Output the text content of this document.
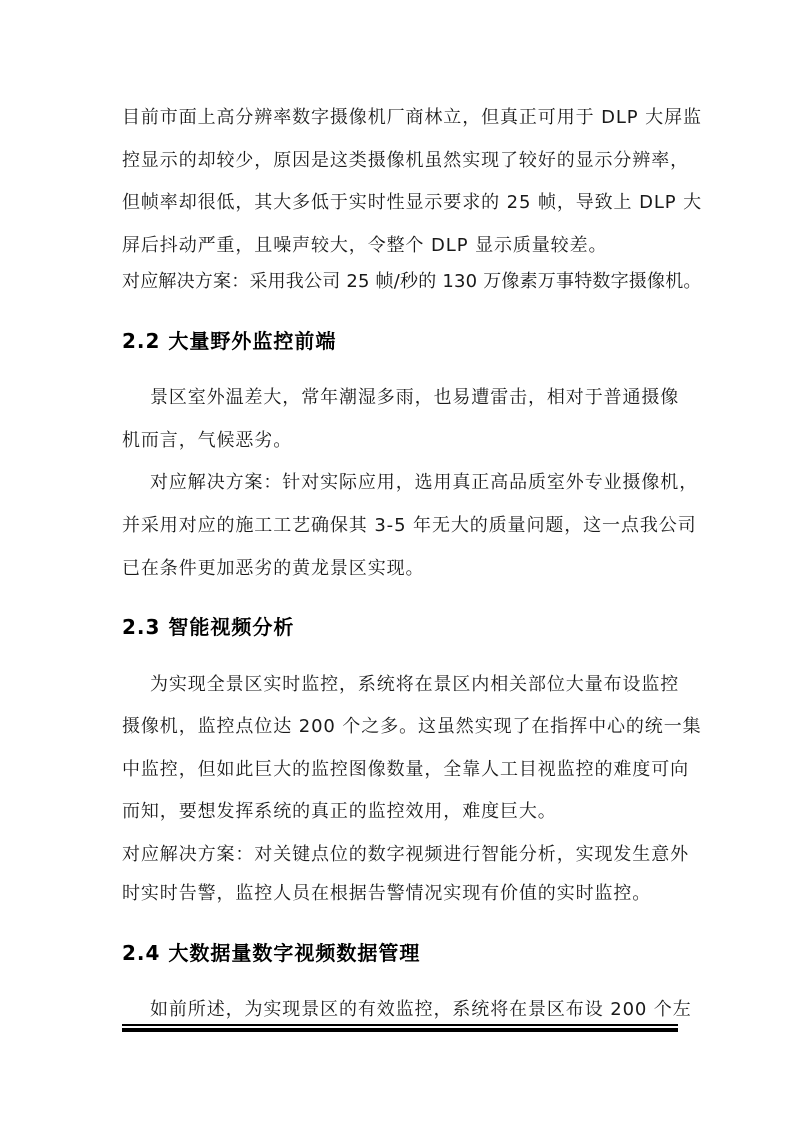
目前市面上高分辨率数字摄像机厂商林立，但真正可用于 DLP 大屏监
控显示的却较少，原因是这类摄像机虽然实现了较好的显示分辨率，
但帧率却很低，其大多低于实时性显示要求的 25 帧，导致上 DLP 大
屏后抖动严重，且噪声较大，令整个 DLP 显示质量较差。
对应解决方案：采用我公司 25 帧/秒的 130 万像素万事特数字摄像机。
2.2 大量野外监控前端
景区室外温差大，常年潮湿多雨，也易遭雷击，相对于普通摄像
机而言，气候恶劣。
对应解决方案：针对实际应用，选用真正高品质室外专业摄像机，
并采用对应的施工工艺确保其 3-5 年无大的质量问题，这一点我公司
已在条件更加恶劣的黄龙景区实现。
2.3 智能视频分析
为实现全景区实时监控，系统将在景区内相关部位大量布设监控
摄像机，监控点位达 200 个之多。这虽然实现了在指挥中心的统一集
中监控，但如此巨大的监控图像数量，全靠人工目视监控的难度可向
而知，要想发挥系统的真正的监控效用，难度巨大。
对应解决方案：对关键点位的数字视频进行智能分析，实现发生意外
时实时告警，监控人员在根据告警情况实现有价值的实时监控。
2.4 大数据量数字视频数据管理
如前所述，为实现景区的有效监控，系统将在景区布设 200 个左
